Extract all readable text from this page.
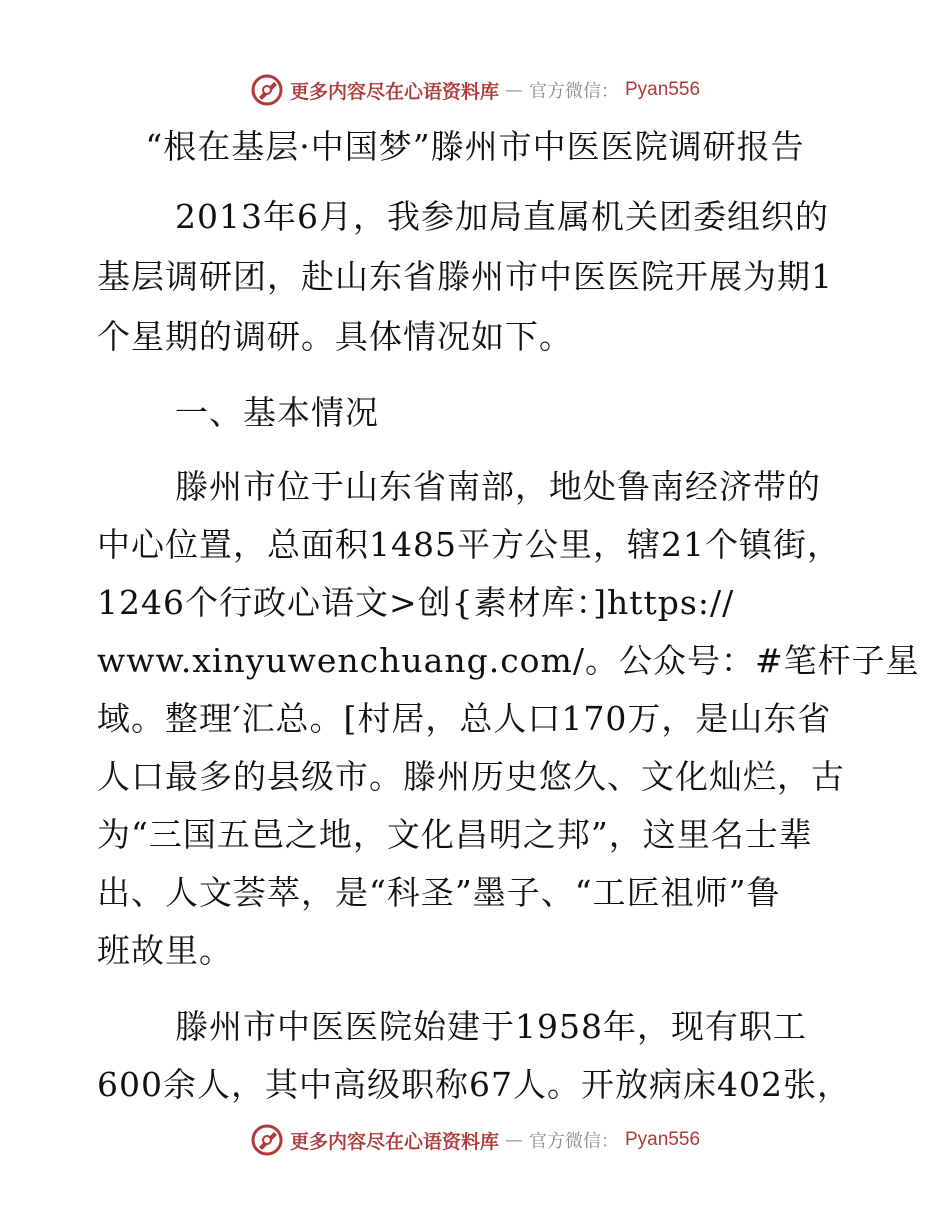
更多内容尽在心语资料库 — 官方微信： Pyan556
“根在基层·中国梦”滕州市中医医院调研报告
2013年6月，我参加局直属机关团委组织的
基层调研团，赴山东省滕州市中医医院开展为期1
个星期的调研。具体情况如下。
一、基本情况
滕州市位于山东省南部，地处鲁南经济带的
中心位置，总面积1485平方公里，辖21个镇街，
1246个行政心语文>创{素材库：]https://
www.xinyuwenchuang.com/。公众号：#笔杆子星
域。整理′汇总。[村居，总人口170万，是山东省
人口最多的县级市。滕州历史悠久、文化灿烂，古
为“三国五邑之地，文化昌明之邦”，这里名士辈
出、人文荟萃，是“科圣”墨子、“工匠祖师”鲁
班故里。
滕州市中医医院始建于1958年，现有职工
600余人，其中高级职称67人。开放病床402张，
更多内容尽在心语资料库 — 官方微信： Pyan556
